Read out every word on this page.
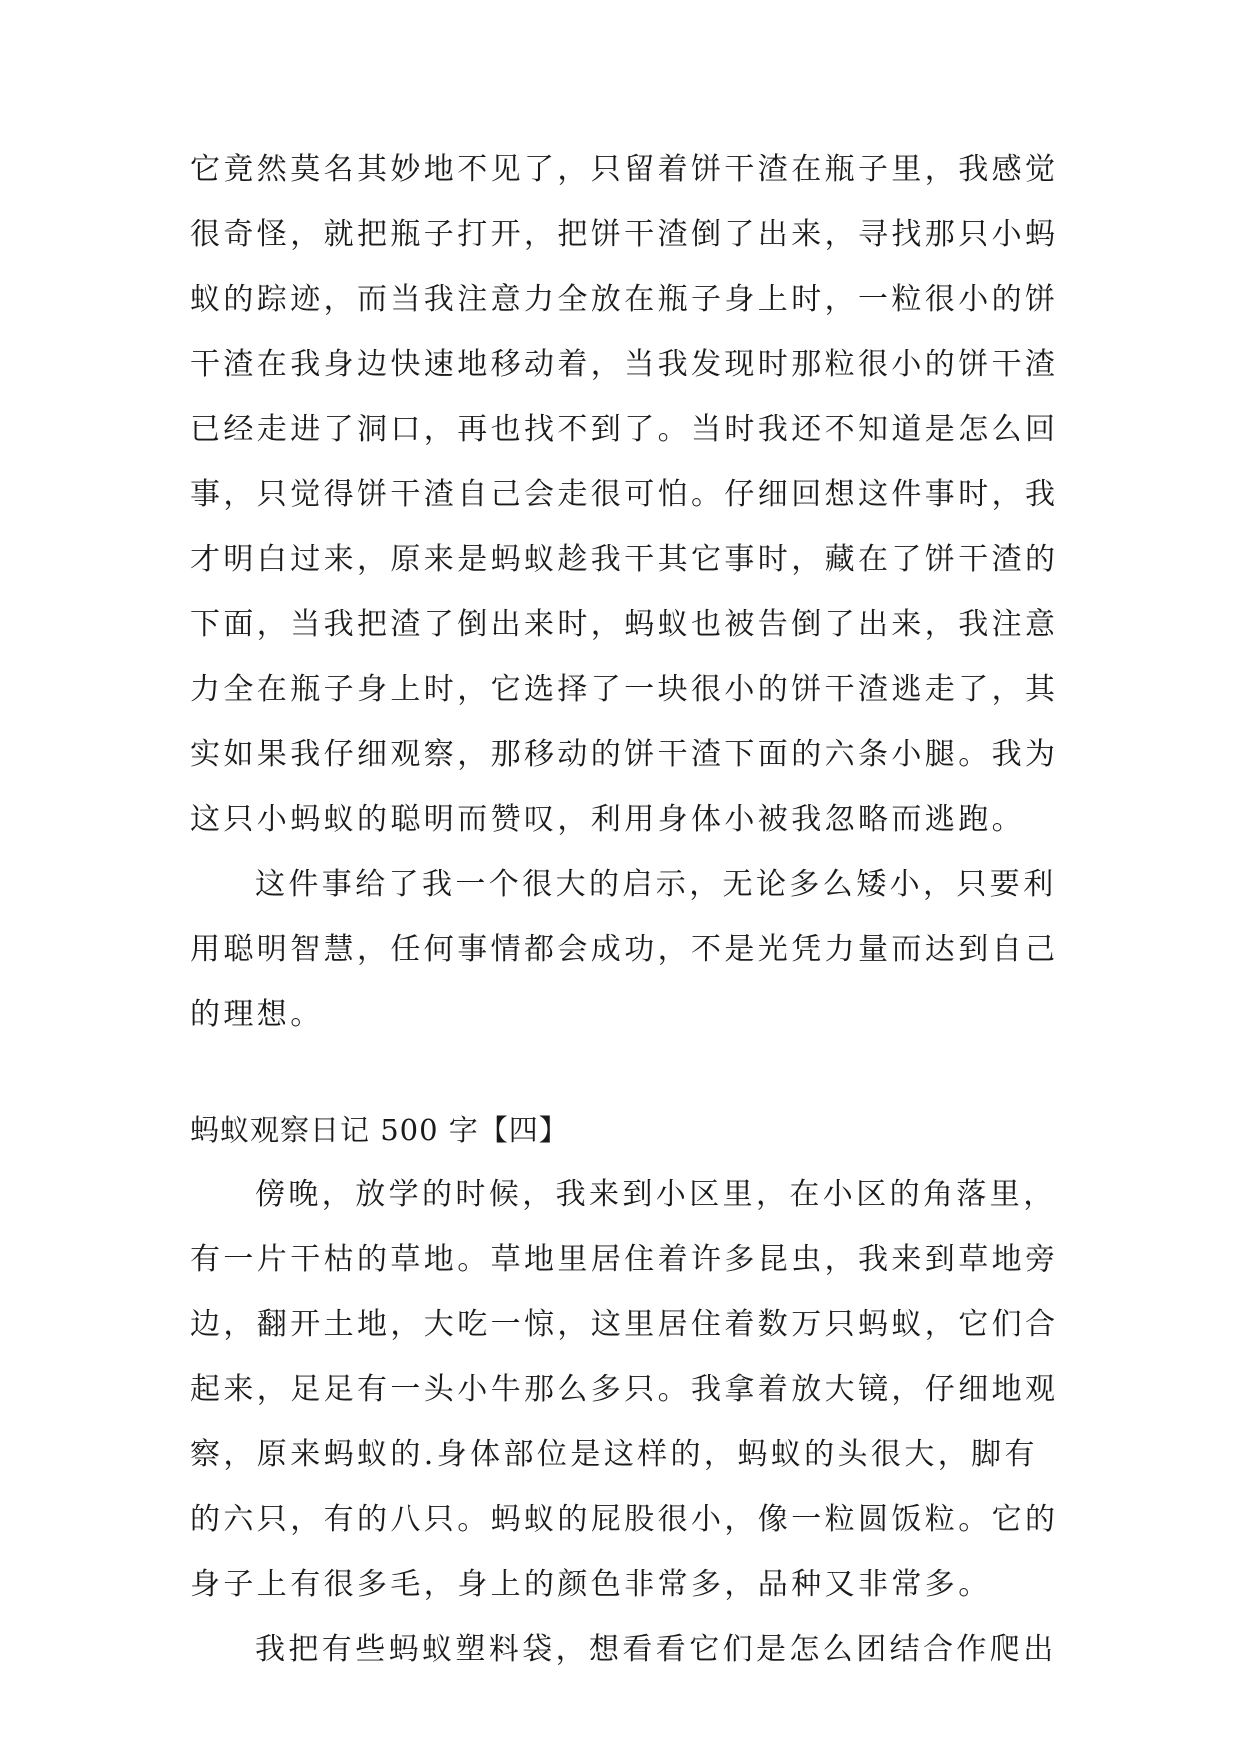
它竟然莫名其妙地不见了，只留着饼干渣在瓶子里，我感觉
很奇怪，就把瓶子打开，把饼干渣倒了出来，寻找那只小蚂
蚁的踪迹，而当我注意力全放在瓶子身上时，一粒很小的饼
干渣在我身边快速地移动着，当我发现时那粒很小的饼干渣
已经走进了洞口，再也找不到了。当时我还不知道是怎么回
事，只觉得饼干渣自己会走很可怕。仔细回想这件事时，我
才明白过来，原来是蚂蚁趁我干其它事时，藏在了饼干渣的
下面，当我把渣了倒出来时，蚂蚁也被告倒了出来，我注意
力全在瓶子身上时，它选择了一块很小的饼干渣逃走了，其
实如果我仔细观察，那移动的饼干渣下面的六条小腿。我为
这只小蚂蚁的聪明而赞叹，利用身体小被我忽略而逃跑。
这件事给了我一个很大的启示，无论多么矮小，只要利
用聪明智慧，任何事情都会成功，不是光凭力量而达到自己
的理想。
蚂蚁观察日记 500 字【四】
傍晚，放学的时候，我来到小区里，在小区的角落里，
有一片干枯的草地。草地里居住着许多昆虫，我来到草地旁
边，翻开土地，大吃一惊，这里居住着数万只蚂蚁，它们合
起来，足足有一头小牛那么多只。我拿着放大镜，仔细地观
察，原来蚂蚁的.身体部位是这样的，蚂蚁的头很大，脚有
的六只，有的八只。蚂蚁的屁股很小，像一粒圆饭粒。它的
身子上有很多毛，身上的颜色非常多，品种又非常多。
我把有些蚂蚁塑料袋，想看看它们是怎么团结合作爬出
